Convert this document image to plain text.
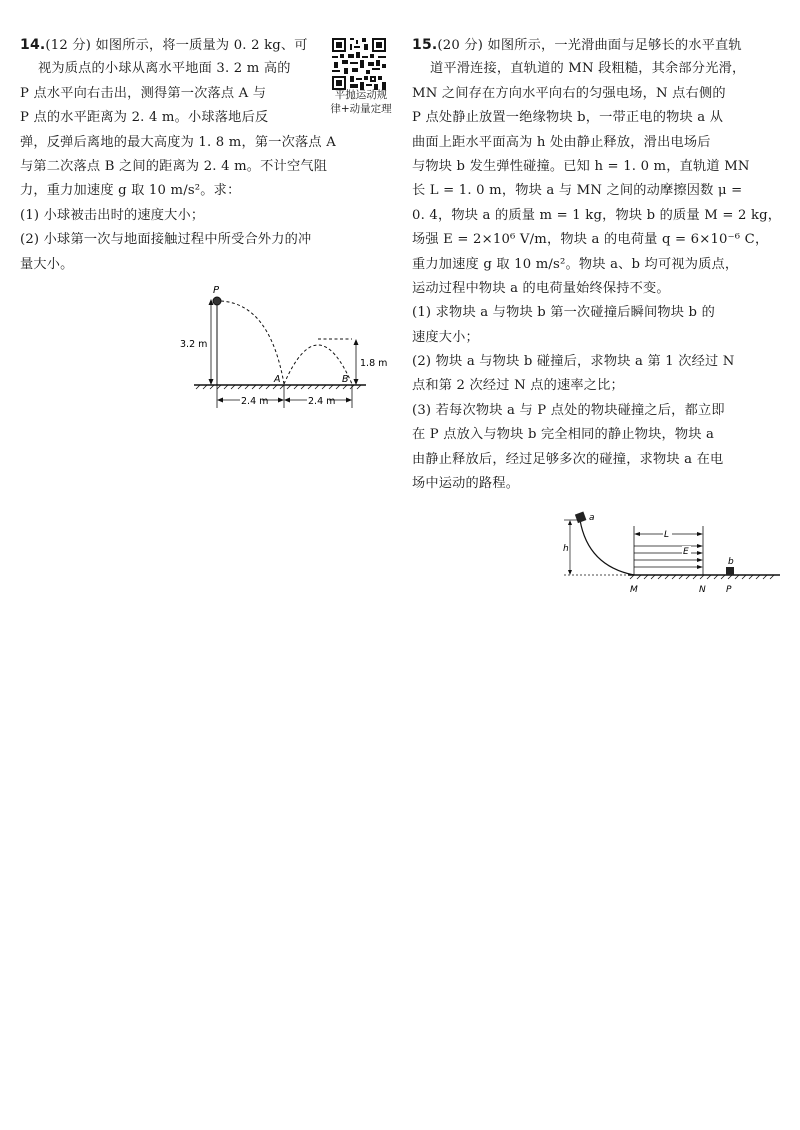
14.(12 分) 如图所示，将一质量为 0. 2 kg、可
视为质点的小球从离水平地面 3. 2 m 高的
P 点水平向右击出，测得第一次落点 A 与
P 点的水平距离为 2. 4 m。小球落地后反
弹，反弹后离地的最大高度为 1. 8 m，第一次落点 A
与第二次落点 B 之间的距离为 2. 4 m。不计空气阻
力，重力加速度 g 取 10 m/s²。求：
(1) 小球被击出时的速度大小；
(2) 小球第一次与地面接触过程中所受合外力的冲
量大小。
平抛运动规
律+动量定理
3.2 m
P
1.8 m
A	B
2.4 m	2.4 m
15.(20 分) 如图所示，一光滑曲面与足够长的水平直轨
道平滑连接，直轨道的 MN 段粗糙，其余部分光滑，
MN 之间存在方向水平向右的匀强电场，N 点右侧的
P 点处静止放置一绝缘物块 b，一带正电的物块 a 从
曲面上距水平面高为 h 处由静止释放，滑出电场后
与物块 b 发生弹性碰撞。已知 h = 1. 0 m，直轨道 MN
长 L = 1. 0 m，物块 a 与 MN 之间的动摩擦因数 μ =
0. 4，物块 a 的质量 m = 1 kg，物块 b 的质量 M = 2 kg，
场强 E = 2×10⁶ V/m，物块 a 的电荷量 q = 6×10⁻⁶ C，
重力加速度 g 取 10 m/s²。物块 a、b 均可视为质点，
运动过程中物块 a 的电荷量始终保持不变。
(1) 求物块 a 与物块 b 第一次碰撞后瞬间物块 b 的
速度大小；
(2) 物块 a 与物块 b 碰撞后，求物块 a 第 1 次经过 N
点和第 2 次经过 N 点的速率之比；
(3) 若每次物块 a 与 P 点处的物块碰撞之后，都立即
在 P 点放入与物块 b 完全相同的静止物块，物块 a
由静止释放后，经过足够多次的碰撞，求物块 a 在电
场中运动的路程。
a
h
L
E
b
M	N P
